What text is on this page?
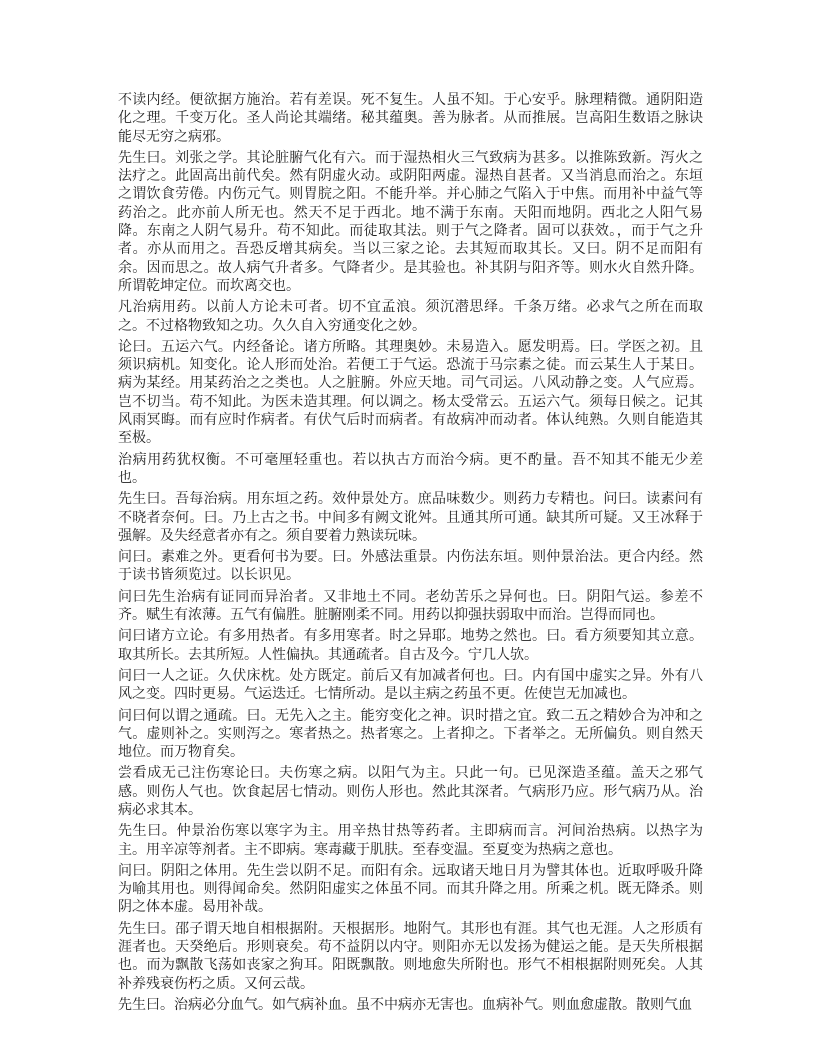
不读内经。便欲据方施治。若有差误。死不复生。人虽不知。于心安乎。脉理精微。通阴阳造化之理。千变万化。圣人尚论其端绪。秘其蕴奥。善为脉者。从而推展。岂高阳生数语之脉诀能尽无穷之病邪。

先生曰。刘张之学。其论脏腑气化有六。而于湿热相火三气致病为甚多。以推陈致新。泻火之法疗之。此固高出前代矣。然有阴虚火动。或阴阳两虚。湿热自甚者。又当消息而治之。东垣之谓饮食劳倦。内伤元气。则胃脘之阳。不能升举。并心肺之气陷入于中焦。而用补中益气等药治之。此亦前人所无也。然天不足于西北。地不满于东南。天阳而地阴。西北之人阳气易降。东南之人阴气易升。苟不知此。而徒取其法。则于气之降者。固可以获效。，而于气之升者。亦从而用之。吾恐反增其病矣。当以三家之论。去其短而取其长。又曰。阴不足而阳有余。因而思之。故人病气升者多。气降者少。是其验也。补其阴与阳齐等。则水火自然升降。所谓乾坤定位。而坎离交也。

凡治病用药。以前人方论未可者。切不宜孟浪。须沉潜思绎。千条万绪。必求气之所在而取之。不过格物致知之功。久久自入穷通变化之妙。

论曰。五运六气。内经备论。诸方所略。其理奥妙。未易造入。愿发明焉。曰。学医之初。且须识病机。知变化。论人形而处治。若便工于气运。恐流于马宗素之徒。而云某生人于某日。病为某经。用某药治之之类也。人之脏腑。外应天地。司气司运。八风动静之变。人气应焉。岂不切当。苟不知此。为医未造其理。何以调之。杨太受常云。五运六气。须每日候之。记其风雨冥晦。而有应时作病者。有伏气后时而病者。有故病冲而动者。体认纯熟。久则自能造其至极。

治病用药犹权衡。不可毫厘轻重也。若以执古方而治今病。更不酌量。吾不知其不能无少差也。

先生曰。吾每治病。用东垣之药。效仲景处方。庶品味数少。则药力专精也。问曰。读素问有不晓者奈何。曰。乃上古之书。中间多有阙文讹舛。且通其所可通。缺其所可疑。又王冰释于强解。及失经意者亦有之。须自要着力熟读玩味。

问曰。素难之外。更看何书为要。曰。外感法重景。内伤法东垣。则仲景治法。更合内经。然于读书皆须览过。以长识见。

问曰先生治病有证同而异治者。又非地土不同。老幼苦乐之异何也。曰。阴阳气运。参差不齐。赋生有浓薄。五气有偏胜。脏腑刚柔不同。用药以抑强扶弱取中而治。岂得而同也。

问曰诸方立论。有多用热者。有多用寒者。时之异耶。地势之然也。曰。看方须要知其立意。取其所长。去其所短。人性偏执。其通疏者。自古及今。宁几人欤。

问曰一人之证。久伏床枕。处方既定。前后又有加减者何也。曰。内有国中虚实之异。外有八风之变。四时更易。气运迭迁。七情所动。是以主病之药虽不更。佐使岂无加减也。

问曰何以谓之通疏。曰。无先入之主。能穷变化之神。识时措之宜。致二五之精妙合为冲和之气。虚则补之。实则泻之。寒者热之。热者寒之。上者抑之。下者举之。无所偏负。则自然天地位。而万物育矣。

尝看成无己注伤寒论曰。夫伤寒之病。以阳气为主。只此一句。已见深造圣蕴。盖天之邪气感。则伤人气也。饮食起居七情动。则伤人形也。然此其深者。气病形乃应。形气病乃从。治病必求其本。

先生曰。仲景治伤寒以寒字为主。用辛热甘热等药者。主即病而言。河间治热病。以热字为主。用辛凉等剂者。主不即病。寒毒藏于肌肤。至春变温。至夏变为热病之意也。

问曰。阴阳之体用。先生尝以阴不足。而阳有余。远取诸天地日月为譬其体也。近取呼吸升降为喻其用也。则得闻命矣。然阴阳虚实之体虽不同。而其升降之用。所乘之机。既无降杀。则阴之体本虚。曷用补哉。

先生曰。邵子谓天地自相根据附。天根据形。地附气。其形也有涯。其气也无涯。人之形质有涯者也。天癸绝后。形则衰矣。苟不益阴以内守。则阳亦无以发扬为健运之能。是天失所根据也。而为飘散飞荡如丧家之狗耳。阳既飘散。则地愈失所附也。形气不相根据附则死矣。人其补养残衰伤朽之质。又何云哉。

先生曰。治病必分血气。如气病补血。虽不中病亦无害也。血病补气。则血愈虚散。散则气血
